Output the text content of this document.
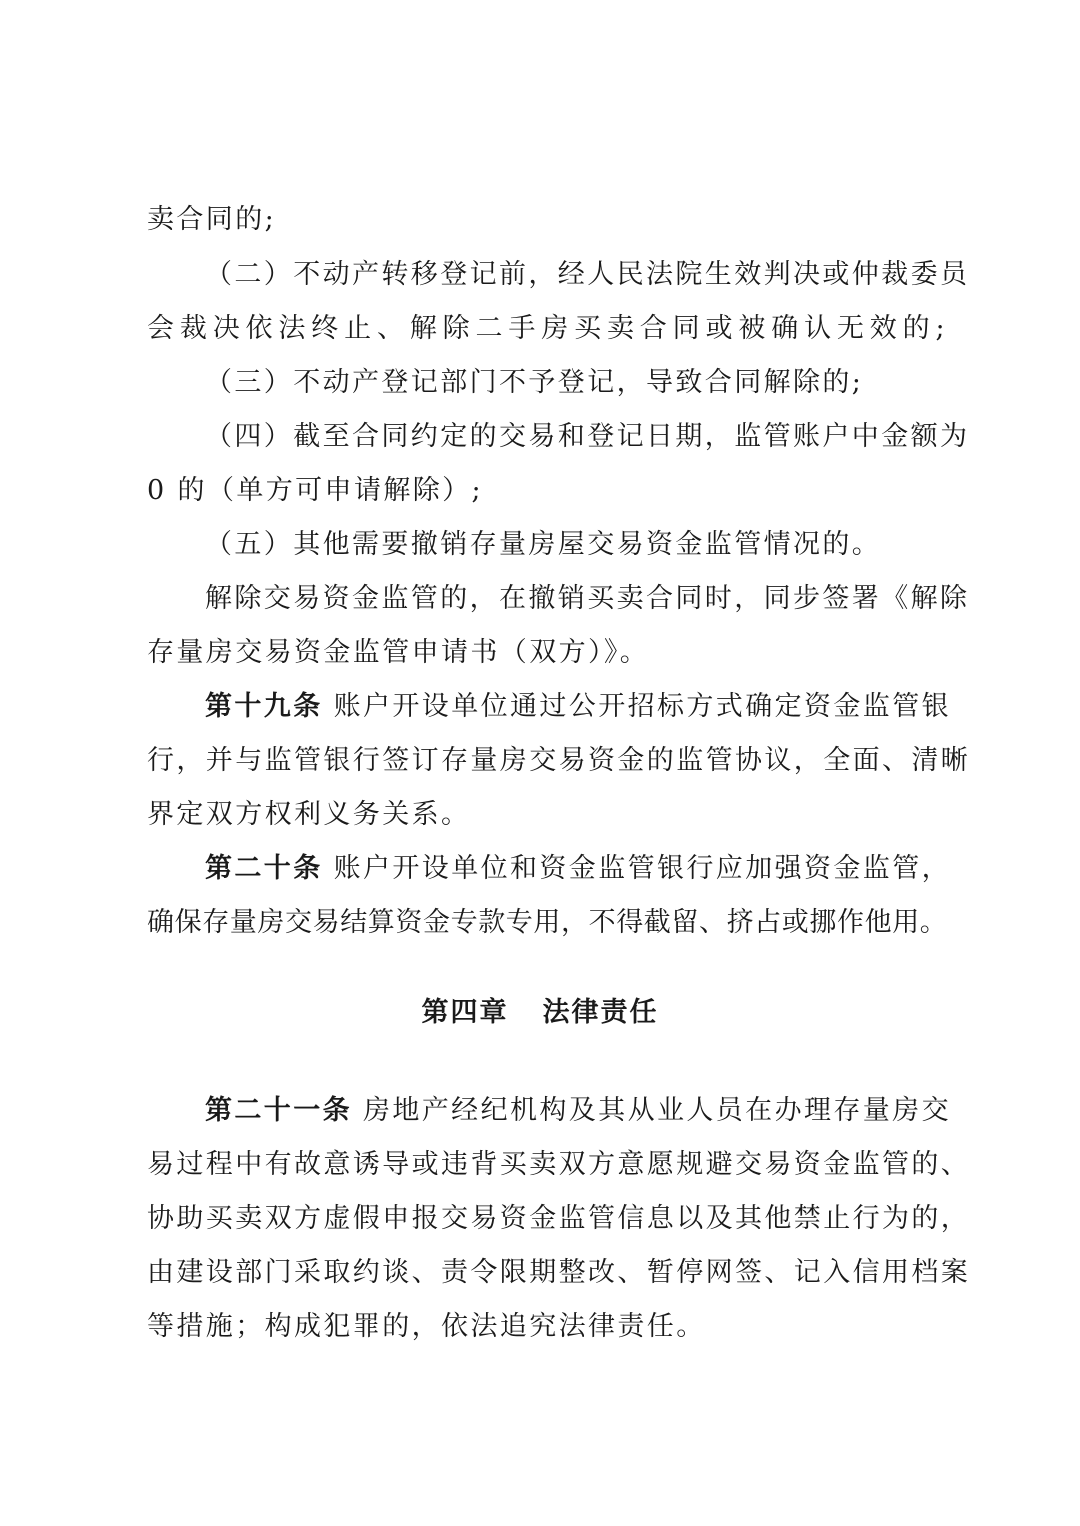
卖合同的;
（二）不动产转移登记前，经人民法院生效判决或仲裁委员
会裁决依法终止、解除二手房买卖合同或被确认无效的;
（三）不动产登记部门不予登记，导致合同解除的;
（四）截至合同约定的交易和登记日期，监管账户中金额为
0 的（单方可申请解除）;
（五）其他需要撤销存量房屋交易资金监管情况的。
解除交易资金监管的，在撤销买卖合同时，同步签署《解除
存量房交易资金监管申请书（双方）》。
第十九条 账户开设单位通过公开招标方式确定资金监管银
行，并与监管银行签订存量房交易资金的监管协议，全面、清晰
界定双方权利义务关系。
第二十条 账户开设单位和资金监管银行应加强资金监管，
确保存量房交易结算资金专款专用，不得截留、挤占或挪作他用。
第四章 法律责任
第二十一条 房地产经纪机构及其从业人员在办理存量房交
易过程中有故意诱导或违背买卖双方意愿规避交易资金监管的、
协助买卖双方虚假申报交易资金监管信息以及其他禁止行为的，
由建设部门采取约谈、责令限期整改、暂停网签、记入信用档案
等措施；构成犯罪的，依法追究法律责任。
